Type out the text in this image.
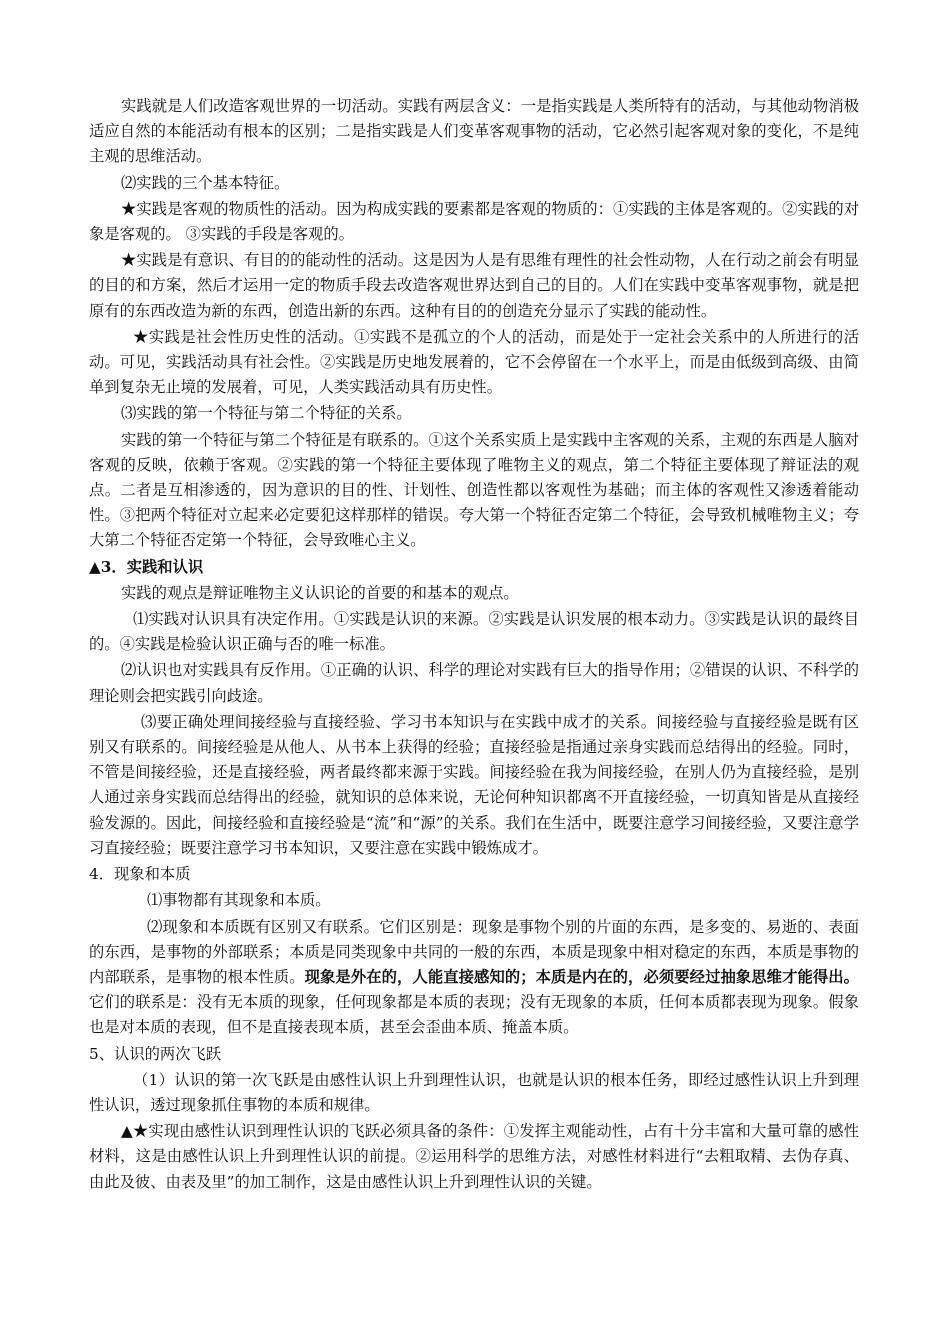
实践就是人们改造客观世界的一切活动。实践有两层含义：一是指实践是人类所特有的活动，与其他动物消极适应自然的本能活动有根本的区别；二是指实践是人们变革客观事物的活动，它必然引起客观对象的变化，不是纯主观的思维活动。

⑵实践的三个基本特征。

★实践是客观的物质性的活动。因为构成实践的要素都是客观的物质的：①实践的主体是客观的。②实践的对象是客观的。 ③实践的手段是客观的。

★实践是有意识、有目的的能动性的活动。这是因为人是有思维有理性的社会性动物，人在行动之前会有明显的目的和方案，然后才运用一定的物质手段去改造客观世界达到自己的目的。人们在实践中变革客观事物，就是把原有的东西改造为新的东西，创造出新的东西。这种有目的的创造充分显示了实践的能动性。

★实践是社会性历史性的活动。①实践不是孤立的个人的活动，而是处于一定社会关系中的人所进行的活动。可见，实践活动具有社会性。②实践是历史地发展着的，它不会停留在一个水平上，而是由低级到高级、由简单到复杂无止境的发展着，可见，人类实践活动具有历史性。

⑶实践的第一个特征与第二个特征的关系。

实践的第一个特征与第二个特征是有联系的。①这个关系实质上是实践中主客观的关系，主观的东西是人脑对客观的反映，依赖于客观。②实践的第一个特征主要体现了唯物主义的观点，第二个特征主要体现了辩证法的观点。二者是互相渗透的，因为意识的目的性、计划性、创造性都以客观性为基础；而主体的客观性又渗透着能动性。③把两个特征对立起来必定要犯这样那样的错误。夸大第一个特征否定第二个特征，会导致机械唯物主义；夸大第二个特征否定第一个特征，会导致唯心主义。

▲3．实践和认识

实践的观点是辩证唯物主义认识论的首要的和基本的观点。

⑴实践对认识具有决定作用。①实践是认识的来源。②实践是认识发展的根本动力。③实践是认识的最终目的。④实践是检验认识正确与否的唯一标准。

⑵认识也对实践具有反作用。①正确的认识、科学的理论对实践有巨大的指导作用；②错误的认识、不科学的理论则会把实践引向歧途。

⑶要正确处理间接经验与直接经验、学习书本知识与在实践中成才的关系。间接经验与直接经验是既有区别又有联系的。间接经验是从他人、从书本上获得的经验；直接经验是指通过亲身实践而总结得出的经验。同时，不管是间接经验，还是直接经验，两者最终都来源于实践。间接经验在我为间接经验，在别人仍为直接经验，是别人通过亲身实践而总结得出的经验，就知识的总体来说，无论何种知识都离不开直接经验，一切真知皆是从直接经验发源的。因此，间接经验和直接经验是“流”和“源”的关系。我们在生活中，既要注意学习间接经验，又要注意学习直接经验；既要注意学习书本知识，又要注意在实践中锻炼成才。

4．现象和本质

⑴事物都有其现象和本质。

⑵现象和本质既有区别又有联系。它们区别是：现象是事物个别的片面的东西，是多变的、易逝的、表面的东西，是事物的外部联系；本质是同类现象中共同的一般的东西，本质是现象中相对稳定的东西，本质是事物的内部联系，是事物的根本性质。现象是外在的，人能直接感知的；本质是内在的，必须要经过抽象思维才能得出。它们的联系是：没有无本质的现象，任何现象都是本质的表现；没有无现象的本质，任何本质都表现为现象。假象也是对本质的表现，但不是直接表现本质，甚至会歪曲本质、掩盖本质。

5、认识的两次飞跃

（1）认识的第一次飞跃是由感性认识上升到理性认识，也就是认识的根本任务，即经过感性认识上升到理性认识，透过现象抓住事物的本质和规律。

▲★实现由感性认识到理性认识的飞跃必须具备的条件：①发挥主观能动性，占有十分丰富和大量可靠的感性材料，这是由感性认识上升到理性认识的前提。②运用科学的思维方法，对感性材料进行“去粗取精、去伪存真、由此及彼、由表及里”的加工制作，这是由感性认识上升到理性认识的关键。
